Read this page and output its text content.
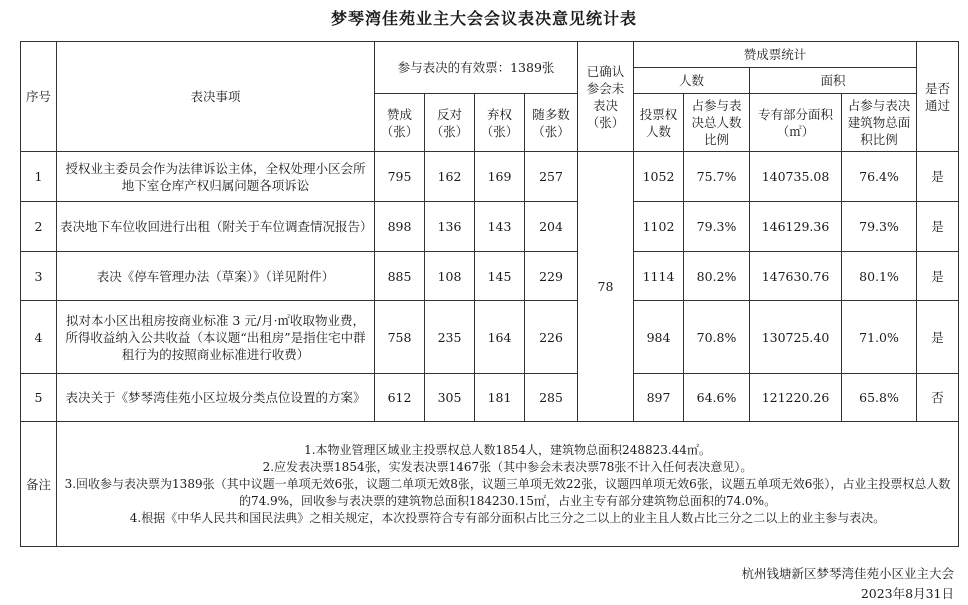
梦琴湾佳苑业主大会会议表决意见统计表
序号	表决事项	参与表决的有效票：1389张				已确认参会未表决（张）	赞成票统计				是否通过
							人数		面积		
		赞成（张）	反对（张）	弃权（张）	随多数（张）		投票权人数	占参与表决总人数比例	专有部分面积（㎡）	占参与表决建筑物总面积比例	
1	授权业主委员会作为法律诉讼主体，全权处理小区会所地下室仓库产权归属问题各项诉讼	795	162	169	257	78	1052	75.7%	140735.08	76.4%	是
2	表决地下车位收回进行出租（附关于车位调查情况报告）	898	136	143	204		1102	79.3%	146129.36	79.3%	是
3	表决《停车管理办法（草案）》（详见附件）	885	108	145	229		1114	80.2%	147630.76	80.1%	是
4	拟对本小区出租房按商业标准 3 元/月·㎡收取物业费，所得收益纳入公共收益（本议题“出租房”是指住宅中群租行为的按照商业标准进行收费）	758	235	164	226		984	70.8%	130725.40	71.0%	是
5	表决关于《梦琴湾佳苑小区垃圾分类点位设置的方案》	612	305	181	285		897	64.6%	121220.26	65.8%	否
备注	1.本物业管理区域业主投票权总人数1854人，建筑物总面积248823.44㎡。
2.应发表决票1854张，实发表决票1467张（其中参会未表决票78张不计入任何表决意见）。
3.回收参与表决票为1389张（其中议题一单项无效6张，议题二单项无效8张，议题三单项无效22张，议题四单项无效6张，议题五单项无效6张），占业主投票权总人数的74.9%，回收参与表决票的建筑物总面积184230.15㎡，占业主专有部分建筑物总面积的74.0%。
4.根据《中华人民共和国民法典》之相关规定，本次投票符合专有部分面积占比三分之二以上的业主且人数占比三分之二以上的业主参与表决。										
杭州钱塘新区梦琴湾佳苑小区业主大会
2023年8月31日
